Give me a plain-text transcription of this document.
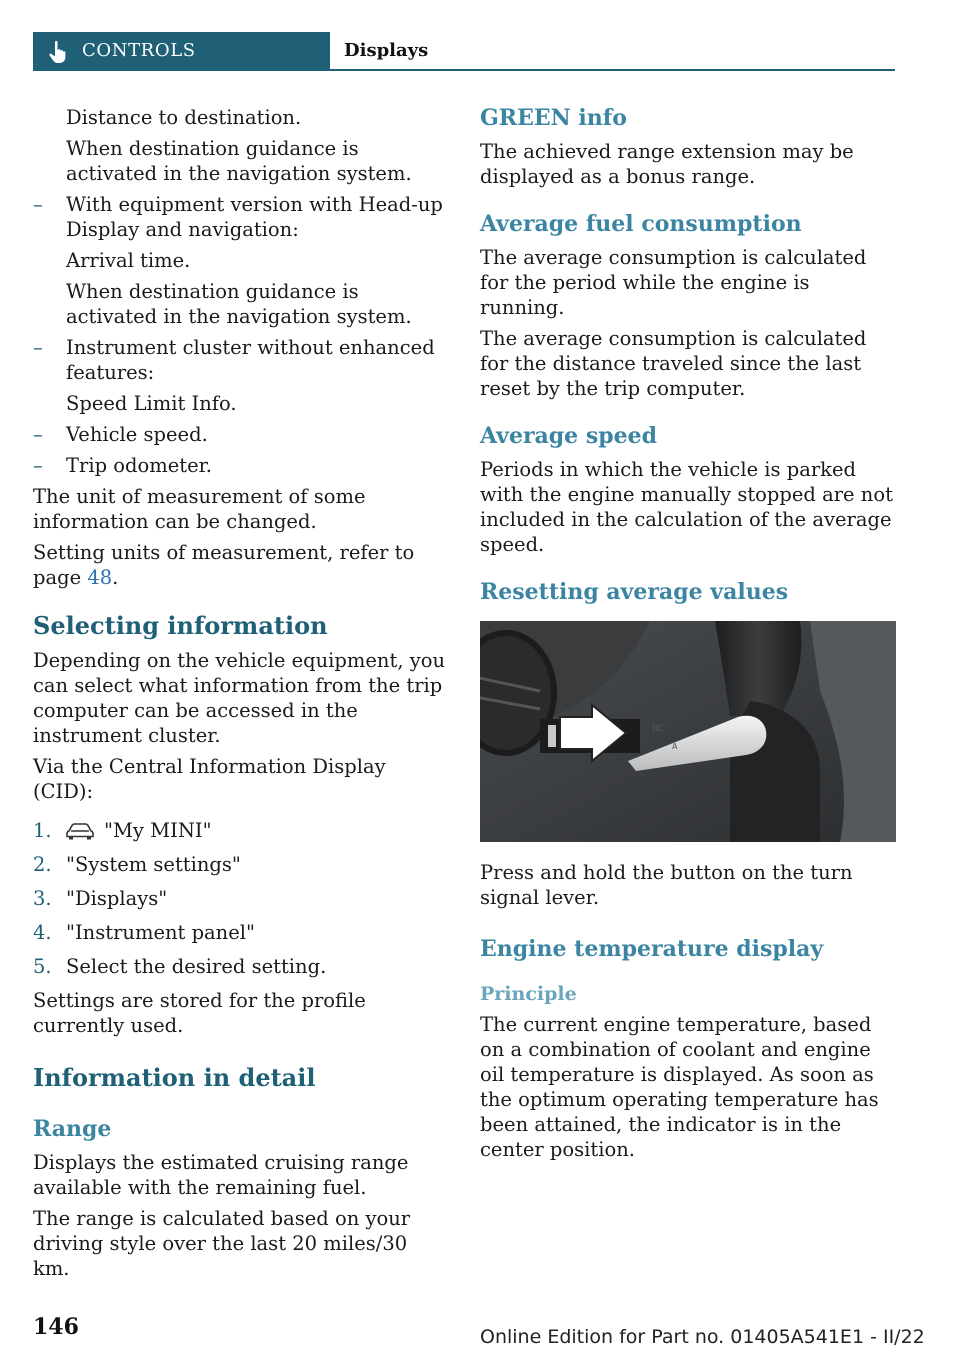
CONTROLS	Displays
Distance to destination.
When destination guidance is activated in the navigation system.
– With equipment version with Head-up Display and navigation:
Arrival time.
When destination guidance is activated in the navigation system.
– Instrument cluster without enhanced features:
Speed Limit Info.
– Vehicle speed.
– Trip odometer.
The unit of measurement of some information can be changed.
Setting units of measurement, refer to page 48.
Selecting information
Depending on the vehicle equipment, you can select what information from the trip computer can be accessed in the instrument cluster.
Via the Central Information Display (CID):
1.	"My MINI"
2. "System settings"
3. "Displays"
4. "Instrument panel"
5. Select the desired setting.
Settings are stored for the profile currently used.
Information in detail
Range
Displays the estimated cruising range available with the remaining fuel.
The range is calculated based on your driving style over the last 20 miles/30 km.
GREEN info
The achieved range extension may be displayed as a bonus range.
Average fuel consumption
The average consumption is calculated for the period while the engine is running.
The average consumption is calculated for the distance traveled since the last reset by the trip computer.
Average speed
Periods in which the vehicle is parked with the engine manually stopped are not included in the calculation of the average speed.
Resetting average values
BC
A
Press and hold the button on the turn signal lever.
Engine temperature display
Principle
The current engine temperature, based on a combination of coolant and engine oil temperature is displayed. As soon as the optimum operating temperature has been attained, the indicator is in the center position.
146	Online Edition for Part no. 01405A541E1 - II/22
